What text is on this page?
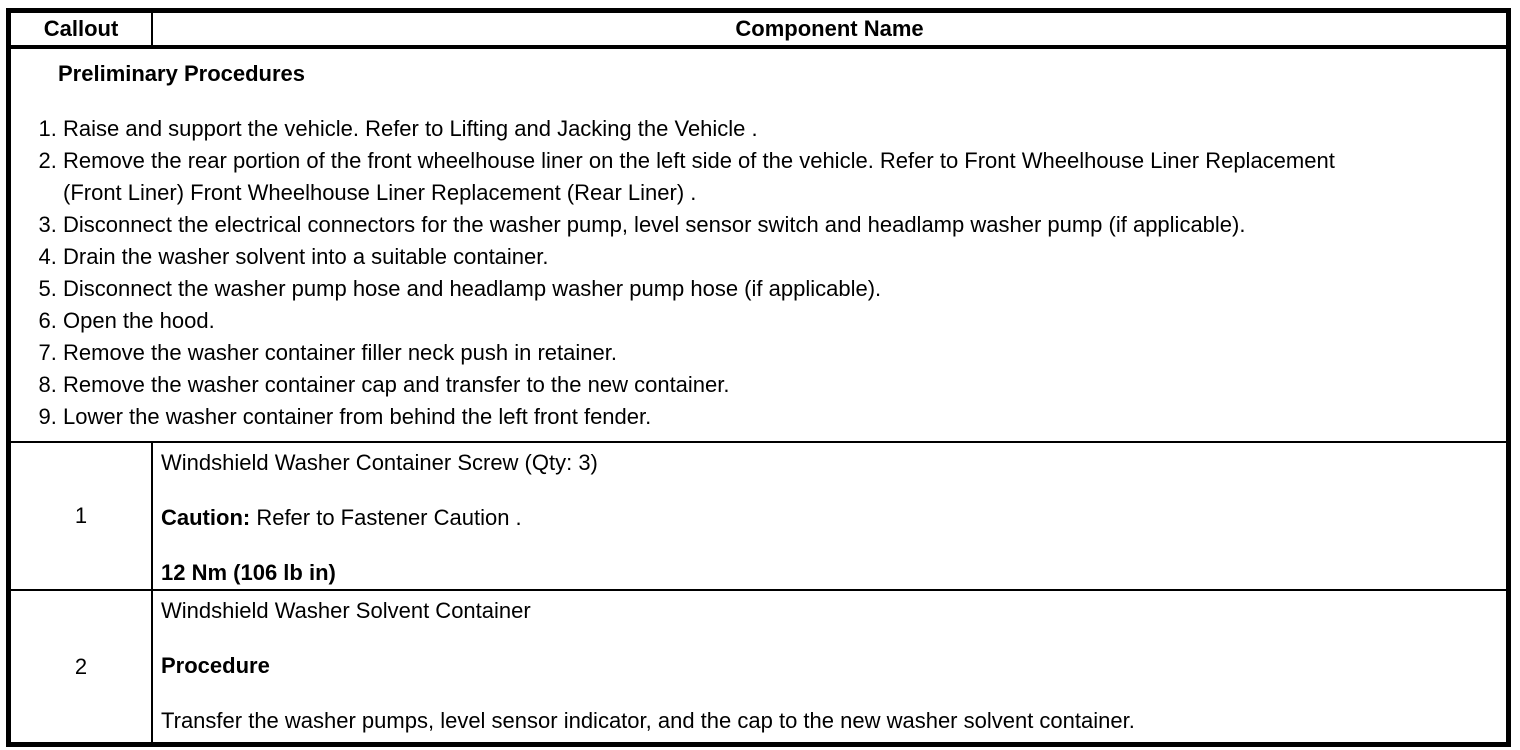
Callout	Component Name
Preliminary Procedures
1. Raise and support the vehicle. Refer to Lifting and Jacking the Vehicle .
2. Remove the rear portion of the front wheelhouse liner on the left side of the vehicle. Refer to Front Wheelhouse Liner Replacement (Front Liner) Front Wheelhouse Liner Replacement (Rear Liner) .
3. Disconnect the electrical connectors for the washer pump, level sensor switch and headlamp washer pump (if applicable).
4. Drain the washer solvent into a suitable container.
5. Disconnect the washer pump hose and headlamp washer pump hose (if applicable).
6. Open the hood.
7. Remove the washer container filler neck push in retainer.
8. Remove the washer container cap and transfer to the new container.
9. Lower the washer container from behind the left front fender.
1

Windshield Washer Container Screw (Qty: 3)

Caution: Refer to Fastener Caution .

12 Nm (106 lb in)

2

Windshield Washer Solvent Container

Procedure

Transfer the washer pumps, level sensor indicator, and the cap to the new washer solvent container.
